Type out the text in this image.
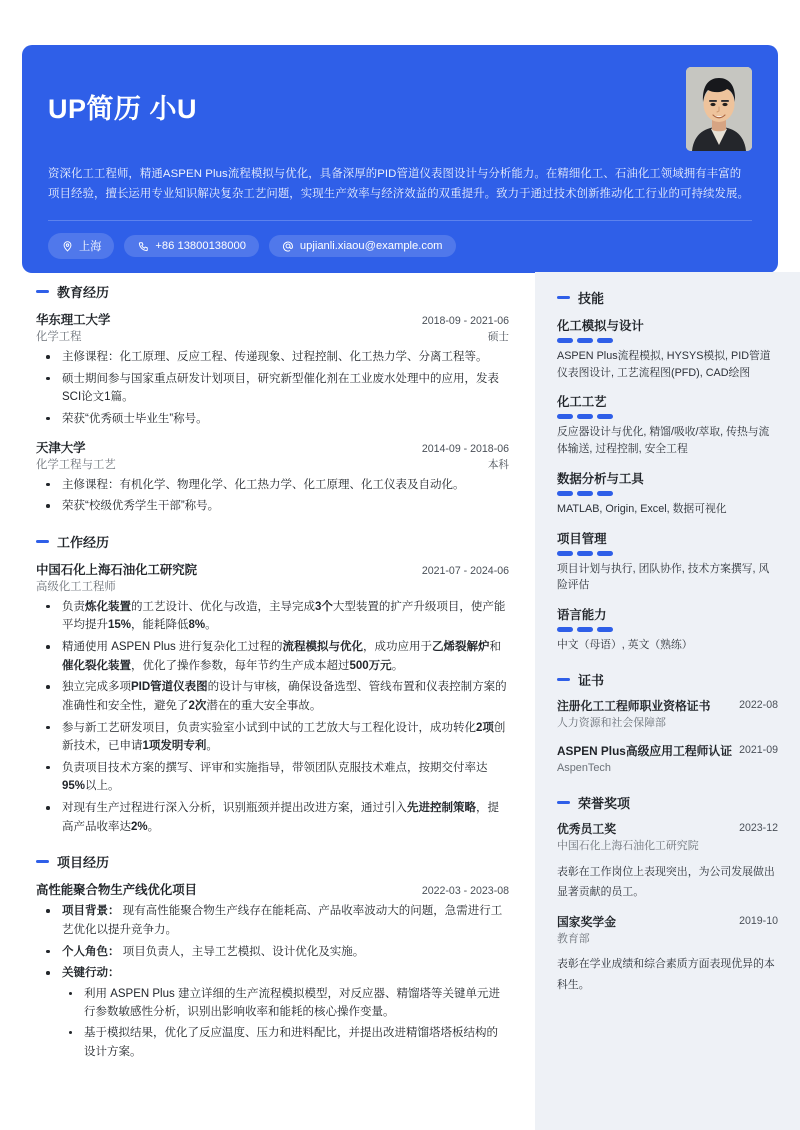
UP简历 小U
资深化工工程师，精通ASPEN Plus流程模拟与优化，具备深厚的PID管道仪表图设计与分析能力。在精细化工、石油化工领域拥有丰富的项目经验，擅长运用专业知识解决复杂工艺问题，实现生产效率与经济效益的双重提升。致力于通过技术创新推动化工行业的可持续发展。
上海	+86 13800138000	upjianli.xiaou@example.com
教育经历
华东理工大学	2018-09 - 2021-06
化学工程	硕士
主修课程：化工原理、反应工程、传递现象、过程控制、化工热力学、分离工程等。
硕士期间参与国家重点研发计划项目，研究新型催化剂在工业废水处理中的应用，发表SCI论文1篇。
荣获“优秀硕士毕业生”称号。
天津大学	2014-09 - 2018-06
化学工程与工艺	本科
主修课程：有机化学、物理化学、化工热力学、化工原理、化工仪表及自动化。
荣获“校级优秀学生干部”称号。
工作经历
中国石化上海石油化工研究院	2021-07 - 2024-06
高级化工工程师
负责炼化装置的工艺设计、优化与改造，主导完成3个大型装置的扩产升级项目，使产能平均提升15%，能耗降低8%。
精通使用 ASPEN Plus 进行复杂化工过程的流程模拟与优化，成功应用于乙烯裂解炉和催化裂化装置，优化了操作参数，每年节约生产成本超过500万元。
独立完成多项PID管道仪表图的设计与审核，确保设备选型、管线布置和仪表控制方案的准确性和安全性，避免了2次潜在的重大安全事故。
参与新工艺研发项目，负责实验室小试到中试的工艺放大与工程化设计，成功转化2项创新技术，已申请1项发明专利。
负责项目技术方案的撰写、评审和实施指导，带领团队克服技术难点，按期交付率达95%以上。
对现有生产过程进行深入分析，识别瓶颈并提出改进方案，通过引入先进控制策略，提高产品收率达2%。
项目经历
高性能聚合物生产线优化项目	2022-03 - 2023-08
项目背景： 现有高性能聚合物生产线存在能耗高、产品收率波动大的问题，急需进行工艺优化以提升竞争力。
个人角色： 项目负责人，主导工艺模拟、设计优化及实施。
关键行动：
利用 ASPEN Plus 建立详细的生产流程模拟模型，对反应器、精馏塔等关键单元进行参数敏感性分析，识别出影响收率和能耗的核心操作变量。
基于模拟结果，优化了反应温度、压力和进料配比，并提出改进精馏塔塔板结构的设计方案。
技能
化工模拟与设计
ASPEN Plus流程模拟, HYSYS模拟, PID管道仪表图设计, 工艺流程图(PFD), CAD绘图
化工工艺
反应器设计与优化, 精馏/吸收/萃取, 传热与流体输送, 过程控制, 安全工程
数据分析与工具
MATLAB, Origin, Excel, 数据可视化
项目管理
项目计划与执行, 团队协作, 技术方案撰写, 风险评估
语言能力
中文（母语）, 英文（熟练）
证书
2022-08
注册化工工程师职业资格证书
人力资源和社会保障部
2021-09
ASPEN Plus高级应用工程师认证
AspenTech
荣誉奖项
2023-12
优秀员工奖
中国石化上海石油化工研究院
表彰在工作岗位上表现突出，为公司发展做出显著贡献的员工。
2019-10
国家奖学金
教育部
表彰在学业成绩和综合素质方面表现优异的本科生。
